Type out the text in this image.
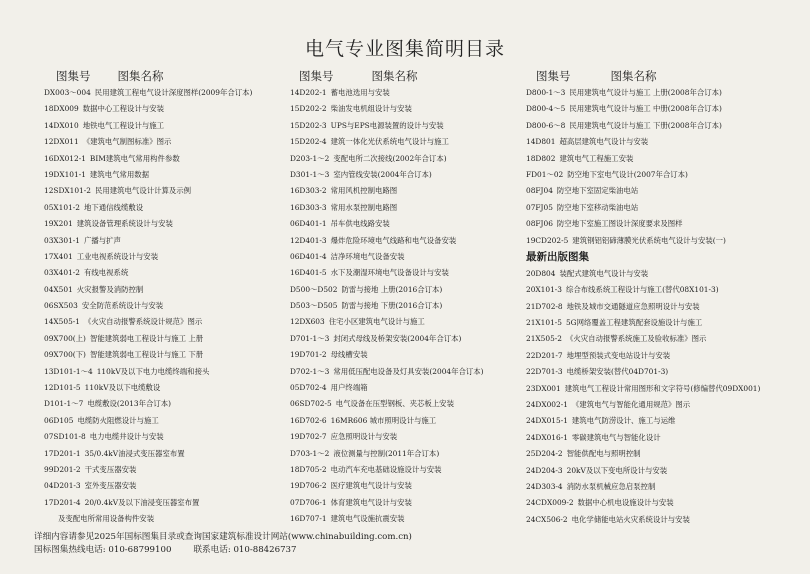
电气专业图集简明目录
图集号 图集名称
DX003～004 民用建筑工程电气设计深度图样(2009年合订本)
18DX009 数据中心工程设计与安装
14DX010 地铁电气工程设计与施工
12DX011 《建筑电气制图标准》图示
16DX012-1 BIM建筑电气常用构件参数
19DX101-1 建筑电气常用数据
12SDX101-2 民用建筑电气设计计算及示例
05X101-2 地下通信线缆敷设
19X201 建筑设备管理系统设计与安装
03X301-1 广播与扩声
17X401 工业电视系统设计与安装
03X401-2 有线电视系统
04X501 火灾报警及消防控制
06SX503 安全防范系统设计与安装
14X505-1 《火灾自动报警系统设计规范》图示
09X700(上) 智能建筑弱电工程设计与施工 上册
09X700(下) 智能建筑弱电工程设计与施工 下册
13D101-1～4 110kV及以下电力电缆终端和接头
12D101-5 110kV及以下电缆敷设
D101-1～7 电缆敷设(2013年合订本)
06D105 电缆防火阻燃设计与施工
07SD101-8 电力电缆井设计与安装
17D201-1 35/0.4kV油浸式变压器室布置
99D201-2 干式变压器安装
04D201-3 室外变压器安装
17D201-4 20/0.4kV及以下油浸变压器室布置
及变配电所常用设备构件安装
图集号	图集名称
14D202-1 蓄电池选用与安装
15D202-2 柴油发电机组设计与安装
15D202-3 UPS与EPS电源装置的设计与安装
15D202-4 建筑一体化光伏系统电气设计与施工
D203-1～2 变配电所二次接线(2002年合订本)
D301-1～3 室内管线安装(2004年合订本)
16D303-2 常用风机控制电路图
16D303-3 常用水泵控制电路图
06D401-1 吊车供电线路安装
12D401-3 爆炸危险环境电气线路和电气设备安装
06D401-4 洁净环境电气设备安装
16D401-5 水下及潮湿环境电气设备设计与安装
D500～D502 防雷与接地 上册(2016合订本)
D503～D505 防雷与接地 下册(2016合订本)
12DX603 住宅小区建筑电气设计与施工
D701-1～3 封闭式母线及桥架安装(2004年合订本)
19D701-2 母线槽安装
D702-1～3 常用低压配电设备及灯具安装(2004年合订本)
05D702-4 用户终端箱
06SD702-5 电气设备在压型钢板、夹芯板上安装
16D702-6 16MR606 城市照明设计与施工
19D702-7 应急照明设计与安装
D703-1～2 液位测量与控制(2011年合订本)
18D705-2 电动汽车充电基础设施设计与安装
19D706-2 医疗建筑电气设计与安装
07D706-1 体育建筑电气设计与安装
16D707-1 建筑电气设施抗震安装
图集号	图集名称
D800-1～3 民用建筑电气设计与施工 上册(2008年合订本)
D800-4～5 民用建筑电气设计与施工 中册(2008年合订本)
D800-6～8 民用建筑电气设计与施工 下册(2008年合订本)
14D801 超高层建筑电气设计与安装
18D802 建筑电气工程施工安装
FD01～02 防空地下室电气设计(2007年合订本)
08FJ04 防空地下室固定柴油电站
07FJ05 防空地下室移动柴油电站
08FJ06 防空地下室施工图设计深度要求及图样
19CD202-5 建筑钢铝铝碲薄膜光伏系统电气设计与安装(一)
最新出版图集
20D804 装配式建筑电气设计与安装
20X101-3 综合布线系统工程设计与施工(替代08X101-3)
21D702-8 地铁及城市交通隧道应急照明设计与安装
21X101-5 5G网络覆盖工程建筑配套设施设计与施工
21X505-2 《火灾自动报警系统施工及验收标准》图示
22D201-7 地埋型预装式变电站设计与安装
22D701-3 电缆桥架安装(替代04D701-3)
23DX001 建筑电气工程设计常用图形和文字符号(修编替代09DX001)
24DX002-1 《建筑电气与智能化通用规范》图示
24DX015-1 建筑电气防涝设计、施工与运维
24DX016-1 零碳建筑电气与智能化设计
25D204-2 智能供配电与照明控制
24D204-3 20kV及以下变电所设计与安装
24D303-4 消防水泵机械应急启泵控制
24CDX009-2 数据中心机电设施设计与安装
24CX506-2 电化学储能电站火灾系统设计与安装
详细内容请参见2025年国标图集目录或查询国家建筑标准设计网站(www.chinabuilding.com.cn)
国标图集热线电话: 010-68799100	联系电话: 010-88426737
